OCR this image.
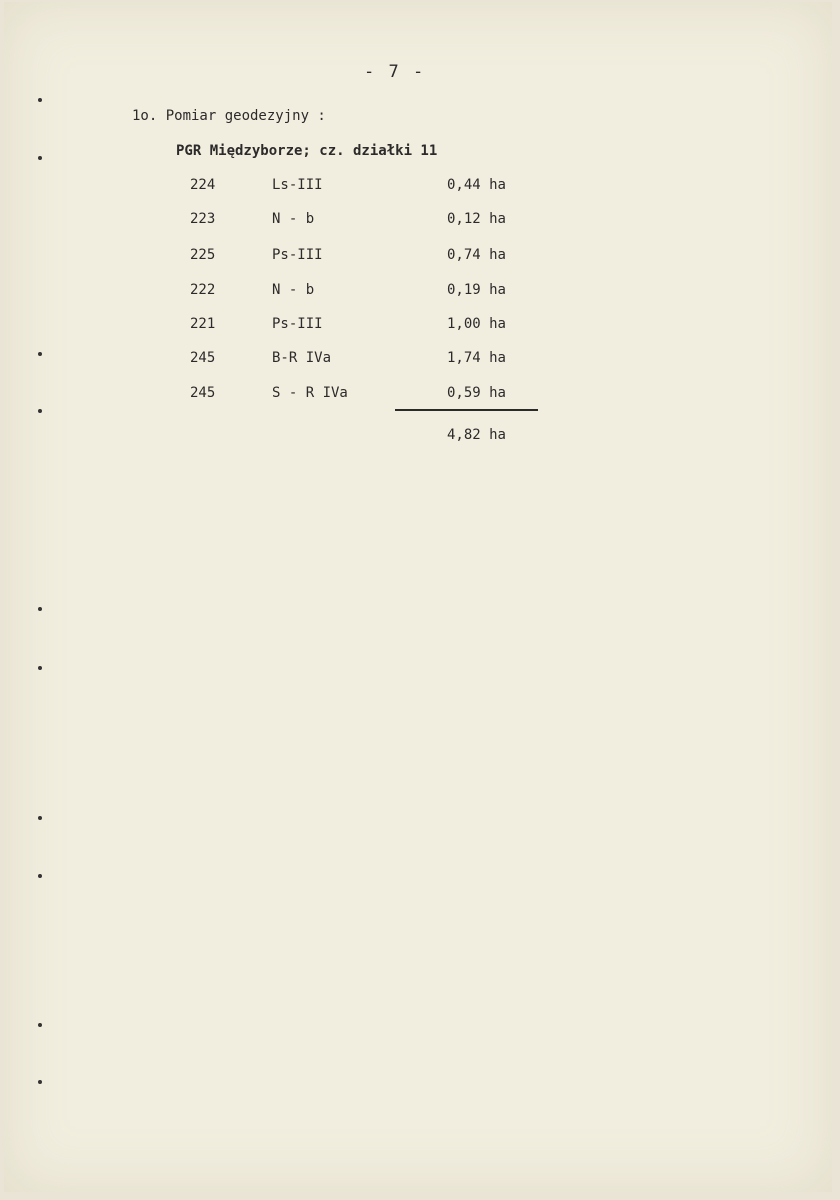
- 7 -
1o. Pomiar geodezyjny :
PGR Międzyborze; cz. działki 11
224	Ls-III	0,44 ha
223	N - b	0,12 ha
225	Ps-III	0,74 ha
222	N - b	0,19 ha
221	Ps-III	1,00 ha
245	B-R IVa	1,74 ha
245	S - R IVa	0,59 ha
4,82 ha
